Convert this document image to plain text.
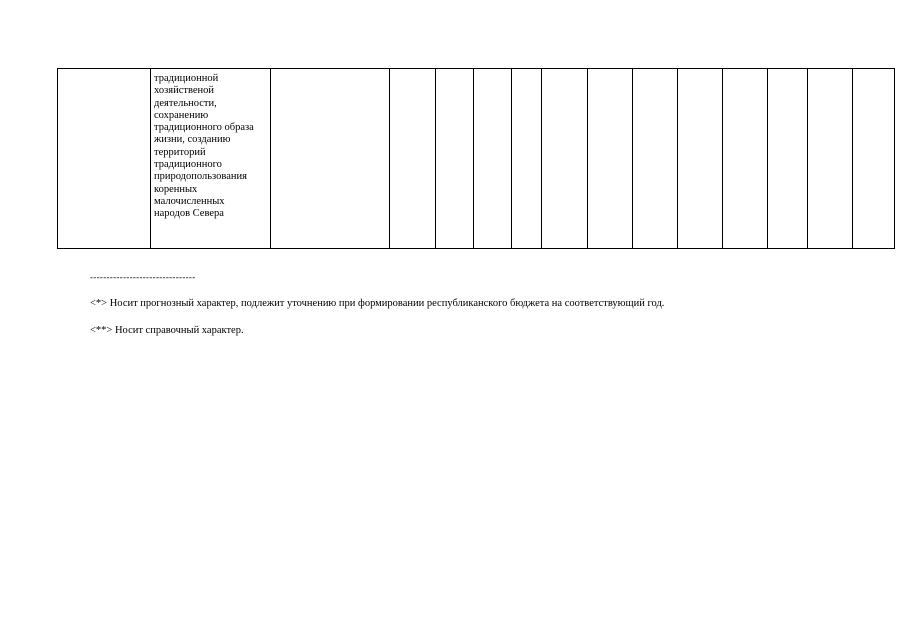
	традиционной
хозяйственой
деятельности,
сохранению
традиционного образа
жизни, созданию
территорий
традиционного
природопользования
коренных
малочисленных
народов Севера													
--------------------------------
<*> Носит прогнозный характер, подлежит уточнению при формировании республиканского бюджета на соответствующий год.
<**> Носит справочный характер.
